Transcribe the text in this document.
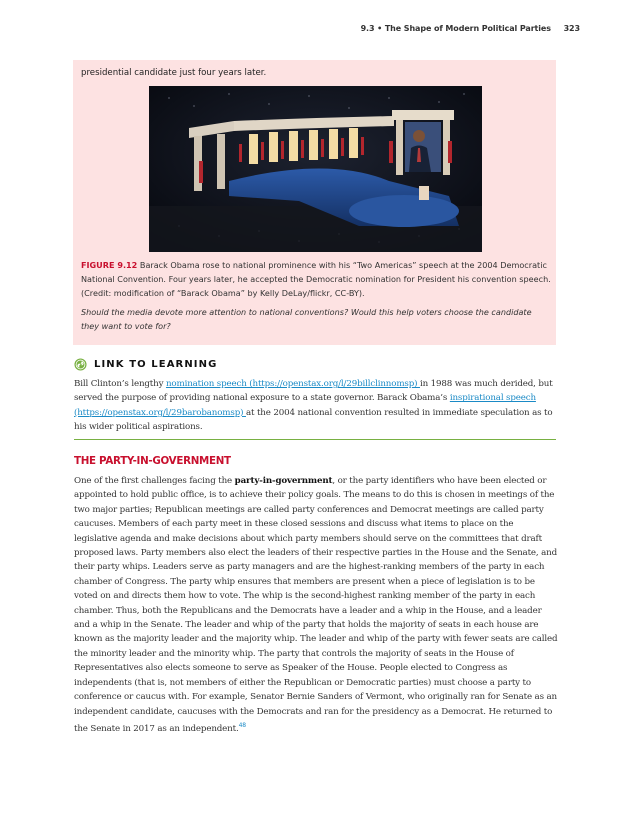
9.3 • The Shape of Modern Political Parties 323
presidential candidate just four years later.
FIGURE 9.12 Barack Obama rose to national prominence with his “Two Americas” speech at the 2004 Democratic National Convention. Four years later, he accepted the Democratic nomination for President his convention speech. (Credit: modification of “Barack Obama” by Kelly DeLay/flickr, CC-BY).
Should the media devote more attention to national conventions? Would this help voters choose the candidate they want to vote for?
LINK TO LEARNING
Bill Clinton’s lengthy nomination speech (https://openstax.org/l/29billclinnomsp) in 1988 was much derided, but served the purpose of providing national exposure to a state governor. Barack Obama’s inspirational speech (https://openstax.org/l/29barobanomsp) at the 2004 national convention resulted in immediate speculation as to his wider political aspirations.
THE PARTY-IN-GOVERNMENT
One of the first challenges facing the party-in-government, or the party identifiers who have been elected or appointed to hold public office, is to achieve their policy goals. The means to do this is chosen in meetings of the two major parties; Republican meetings are called party conferences and Democrat meetings are called party caucuses. Members of each party meet in these closed sessions and discuss what items to place on the legislative agenda and make decisions about which party members should serve on the committees that draft proposed laws. Party members also elect the leaders of their respective parties in the House and the Senate, and their party whips. Leaders serve as party managers and are the highest-ranking members of the party in each chamber of Congress. The party whip ensures that members are present when a piece of legislation is to be voted on and directs them how to vote. The whip is the second-highest ranking member of the party in each chamber. Thus, both the Republicans and the Democrats have a leader and a whip in the House, and a leader and a whip in the Senate. The leader and whip of the party that holds the majority of seats in each house are known as the majority leader and the majority whip. The leader and whip of the party with fewer seats are called the minority leader and the minority whip. The party that controls the majority of seats in the House of Representatives also elects someone to serve as Speaker of the House. People elected to Congress as independents (that is, not members of either the Republican or Democratic parties) must choose a party to conference or caucus with. For example, Senator Bernie Sanders of Vermont, who originally ran for Senate as an independent candidate, caucuses with the Democrats and ran for the presidency as a Democrat. He returned to the Senate in 2017 as an independent.$^{48}$
